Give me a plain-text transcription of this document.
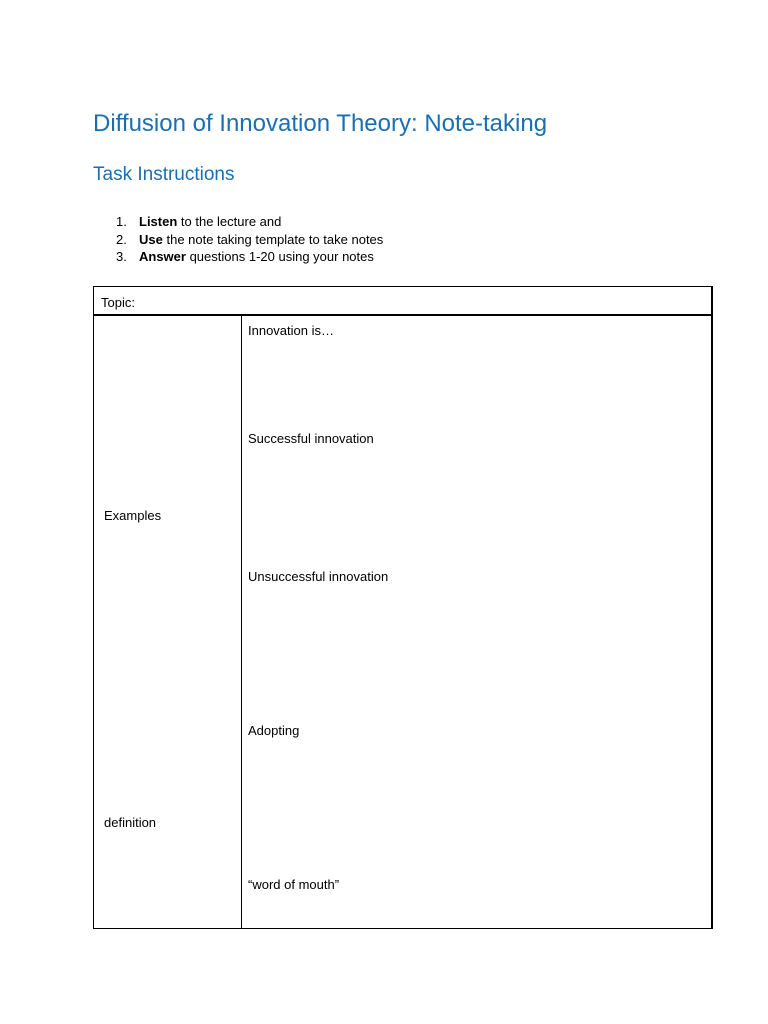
Diffusion of Innovation Theory: Note-taking
Task Instructions
1. Listen to the lecture and
2. Use the note taking template to take notes
3. Answer questions 1-20 using your notes
Topic:
Examples
definition
Innovation is…
Successful innovation
Unsuccessful innovation
Adopting
“word of mouth”
